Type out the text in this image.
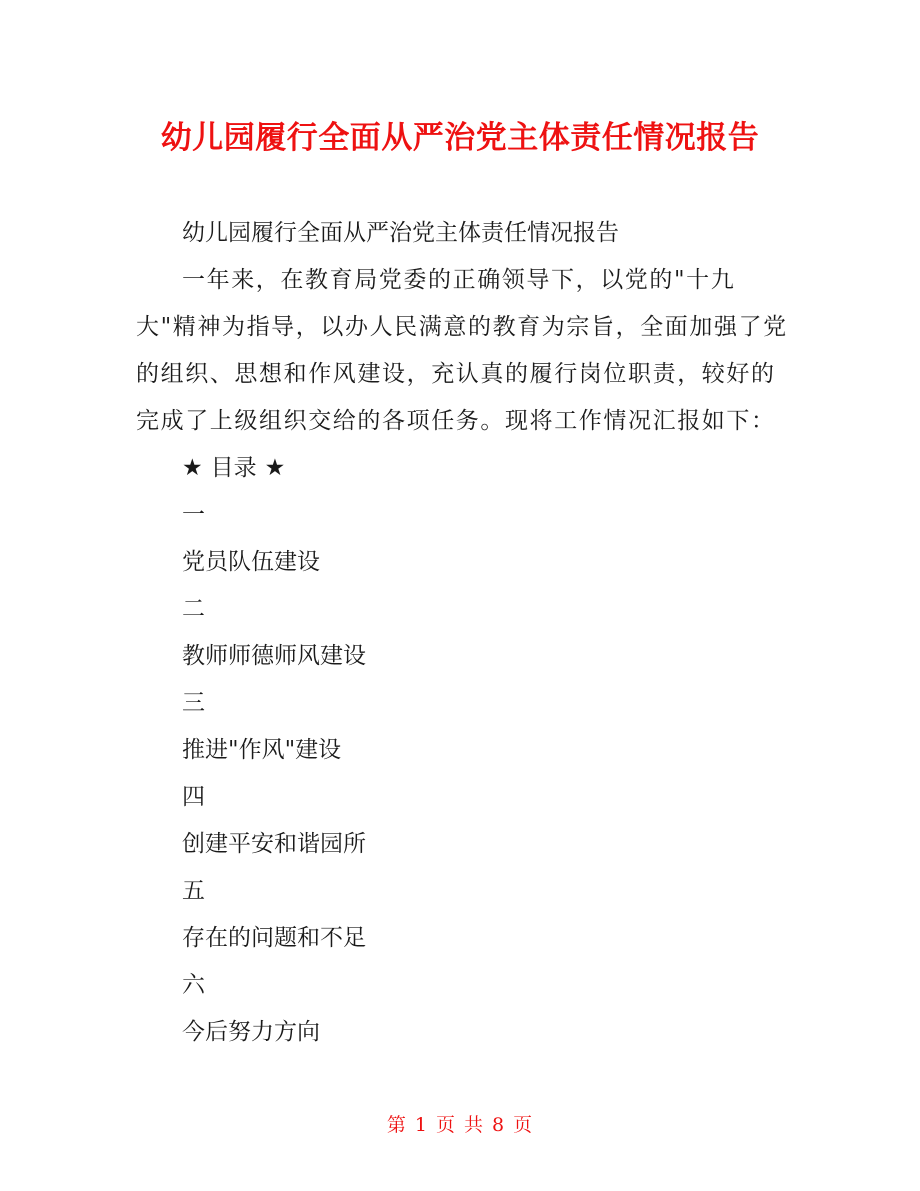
幼儿园履行全面从严治党主体责任情况报告

幼儿园履行全面从严治党主体责任情况报告

一年来，在教育局党委的正确领导下，以党的"十九大"精神为指导，以办人民满意的教育为宗旨，全面加强了党的组织、思想和作风建设，充认真的履行岗位职责，较好的完成了上级组织交给的各项任务。现将工作情况汇报如下：

★ 目录 ★

一

党员队伍建设

二

教师师德师风建设

三

推进"作风"建设

四

创建平安和谐园所

五

存在的问题和不足

六

今后努力方向

第 1 页 共 8 页
